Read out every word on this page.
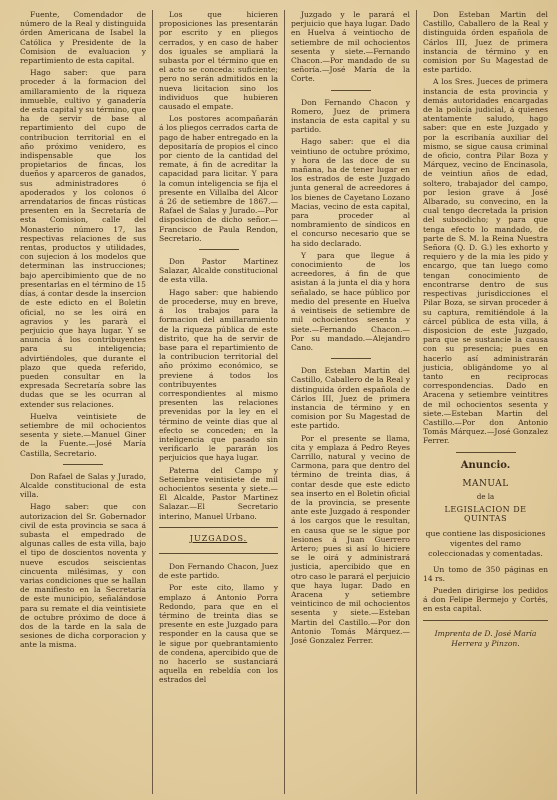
Fuente, Comendador de número de la Real y distinguida órden Americana de Isabel la Católica y Presidente de la Comision de evaluacion y repartimiento de esta capital.

Hago saber: que para proceder á la formacion del amillaramiento de la riqueza inmueble, cultivo y ganadería de esta capital y su término, que ha de servir de base al repartimiento del cupo de contribucion territorial en el año próximo venidero, es indispensable que los propietarios de fincas, los dueños y aparceros de ganados, sus administradores ó apoderados y los colonos ó arrendatarios de fincas rústicas presenten en la Secretaría de esta Comision, calle del Monasterio número 17, las respectivas relaciones de sus rentas, productos y utilidades, con sujecion á los modelos que determinan las instrucciones; bajo apercibimiento que de no presentarlas en el término de 15 días, á contar desde la insercion de este edicto en el Boletin oficial, no se les oirá en agravios y les pararà el perjuicio que haya lugar. Y se anuncia á los contribuyentes para su inteligencia; advirtiéndoles, que durante el plazo que queda referido, pueden consultar en la expresada Secretaría sobre las dudas que se les ocurran al extender sus relaciones.

Huelva veintisiete de setiembre de mil ochocientos sesenta y siete.—Manuel Giner de la Fuente.—José María Castilla, Secretario.

Don Rafael de Salas y Jurado, Alcalde constitucional de esta villa.

Hago saber: que con autorizacion del Sr. Gobernador civil de esta provincia se saca á subasta el empedrado de algunas calles de esta villa, bajo el tipo de doscientos noventa y nueve escudos seiscientas cincuenta milésimas, y con varias condiciones que se hallan de manifiesto en la Secretaría de este municipio, señalándose para su remate el dia veintisiete de octubre próximo de doce á dos de la tarde en la sala de sesiones de dicha corporacion y ante la misma.

Los que hicieren proposiciones las presentarán por escrito y en pliegos cerrados, y en caso de haber dos iguales se ampliará la subasta por el término que en el acto se conceda: suficiente; pero no serán admitidos en la nueva licitacion sino los individuos que hubieren causado el empate.

Los postores acompañarán á los pliegos cerrados carta de pago de haber entregado en la depositaría de propios el cinco por ciento de la cantidad del remate, á fin de acreditar la capacidad para licitar. Y para la comun inteligencia se fija el presente en Villalba del Alcor á 26 de setiembre de 1867.—Rafael de Salas y Jurado.—Por disposicion de dicho señor.—Francisco de Paula Rendon, Secretario.

Don Pastor Martinez Salazar, Alcalde constitucional de esta villa.

Hago saber: que habiendo de procederse, muy en breve, á los trabajos para la formacion del amillaramiento de la riqueza pública de este distrito, que ha de servir de base para el repartimiento de la contribucion territorial del año próximo económico, se previene á todos los contribuyentes correspondientes al mismo presenten las relaciones prevenidas por la ley en el término de veinte dias que al efecto se conceden; en la inteligencia que pasado sin verificarlo le pararán los perjuicios que haya lugar.

Paterna del Campo y Setiembre veintisiete de mil ochocientos sesenta y siete.—El Alcalde, Pastor Martinez Salazar.—El Secretario interino, Manuel Urbano.

JUZGADOS.

Don Fernando Chacon, Juez de este partido.

Por este cito, llamo y emplazo á Antonio Porra Redondo, para que en el término de treinta dias se presente en este Juzgado para responder en la causa que se le sigue por quebrantamiento de condena, apercibido que de no hacerlo se sustanciará aquella en rebeldía con los estrados del

Juzgado y le parará el perjuicio que haya lugar. Dado en Huelva á veintiocho de setiembre de mil ochocientos sesenta y siete.—Fernando Chacon.—Por mandado de su señoría.—José María de la Corte.

Don Fernando Chacon y Romero, Juez de primera instancia de esta capital y su partido.

Hago saber: que el dia veintiuno de octubre próximo, y hora de las doce de su mañana, ha de tener lugar en los estrados de este Juzgado junta general de acreedores á los bienes de Cayetano Lozano Macias, vecino de esta capital, para proceder al nombramiento de síndicos en el concurso necesario que se ha sido declarado.

Y para que llegue á conocimiento de los acreedores, á fin de que asistan á la junta el dia y hora señalado, se hace público por medio del presente en Huelva á veintiseis de setiembre de mil ochocientos sesenta y siete.—Fernando Chacon.—Por su mandado.—Alejandro Cano.

Don Esteban Martin del Castillo, Caballero de la Real y distinguida órden española de Cárlos III, Juez de primera instancia de término y en comision por Su Magestad de este partido.

Por el presente se llama, cita y emplaza á Pedro Reyes Carrillo, natural y vecino de Carmona, para que dentro del término de treinta dias, á contar desde que este edicto sea inserto en el Boletin oficial de la provincia, se presente ante este Juzgado á responder á los cargos que le resultan, en causa que se le sigue por lesiones á Juan Guerrero Artero; pues si así lo hiciere se le oirá y administrará justicia, apercibido que en otro caso le parará el perjuicio que haya lugar. Dado en Aracena y setiembre veinticinco de mil ochocientos sesenta y siete.—Esteban Martin del Castillo.—Por don Antonio Tomás Márquez.—José Gonzalez Ferrer.

Don Esteban Martin del Castillo, Caballero de la Real y distinguida órden española de Cárlos III, Juez de primera instancia de término y en comision por Su Magestad de este partido.

A los Sres. Jueces de primera instancia de esta provincia y demás autoridades encargadas de la policía judicial, á quienes atentamente saludo, hago saber: que en este Juzgado y por la escribanía auxiliar del mismo, se sigue causa criminal de oficio, contra Pilar Boza y Márquez, vecino de Encinasola, de veintiun años de edad, soltero, trabajador del campo, por lesion grave á José Albarado, su convecino, en la cual tengo decretada la prision del subsodicho; y para que tenga efecto lo mandado, de parte de S. M. la Reina Nuestra Señora (Q. D. G.) les exhorto y requiero y de la mia les pido y encargo, que tan luego como tengan conocimiento de encontrarse dentro de sus respectivas jurisdicciones el Pilar Boza, se sirvan proceder á su captura, remitiéndole á la cárcel pública de esta villa, á disposicion de este Juzgado, para que se sustancie la causa con su presencia; pues en hacerlo así administrarán justicia, obligándome yo al tanto en reciprocas correspondencias. Dado en Aracena y setiembre veintitres de mil ochocientos sesenta y siete.—Esteban Martin del Castillo.—Por don Antonio Tomás Márquez.—José Gonzalez Ferrer.

Anuncio.
MANUAL
de la
LEGISLACION DE QUINTAS
que contiene las disposiciones vigentes del ramo coleccionadas y comentadas.

Un tomo de 350 páginas en 14 rs.

Pueden dirigirse los pedidos á don Felipe Bermejo y Cortés, en esta capital.

Imprenta de D. José María Herrera y Pinzon.
